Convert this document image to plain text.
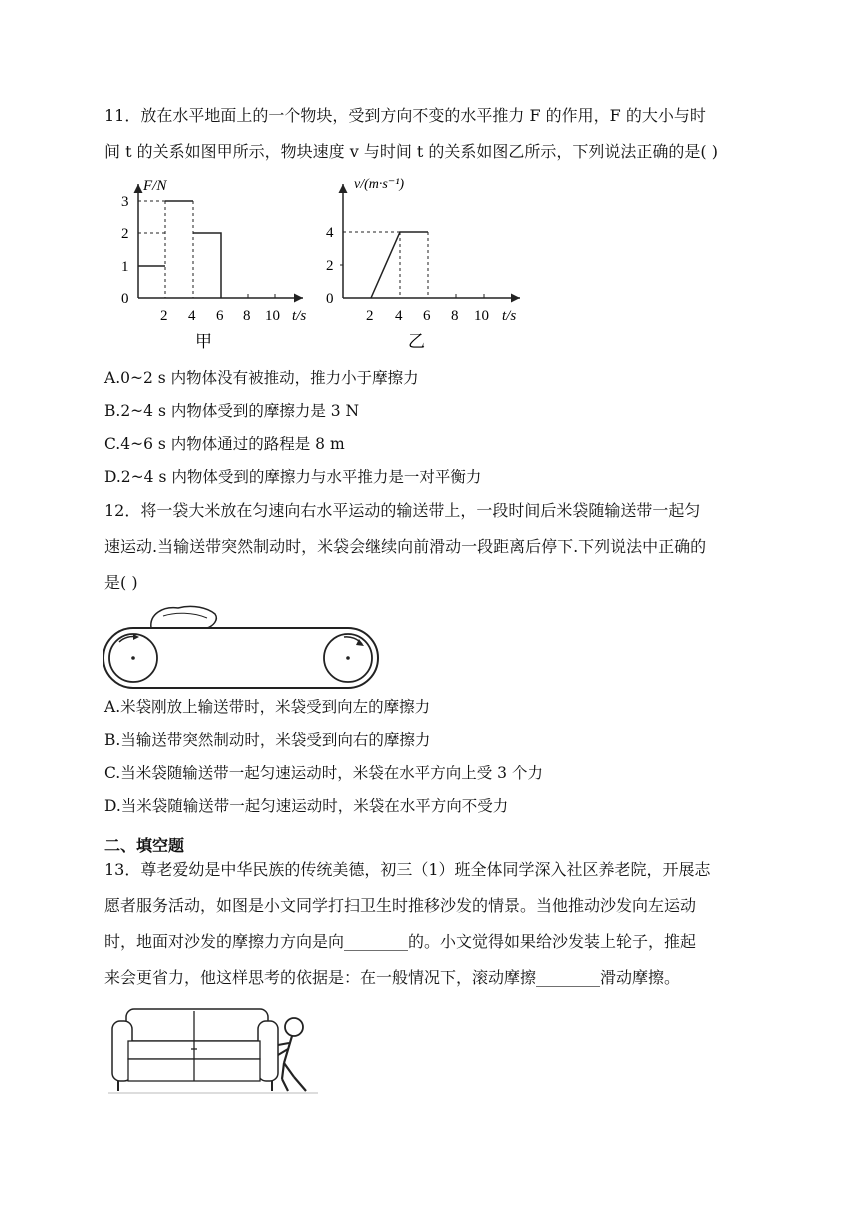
11．放在水平地面上的一个物块，受到方向不变的水平推力 F 的作用，F 的大小与时
间 t 的关系如图甲所示，物块速度 v 与时间 t 的关系如图乙所示，下列说法正确的是( )
F/N
3
2
1
0
2 4 6 8 10 t/s
甲
v/(m·s⁻¹)
4
2
0
2 4 6 8 10 t/s
乙
A.0~2 s 内物体没有被推动，推力小于摩擦力
B.2~4 s 内物体受到的摩擦力是 3 N
C.4~6 s 内物体通过的路程是 8 m
D.2~4 s 内物体受到的摩擦力与水平推力是一对平衡力
12．将一袋大米放在匀速向右水平运动的输送带上，一段时间后米袋随输送带一起匀
速运动.当输送带突然制动时，米袋会继续向前滑动一段距离后停下.下列说法中正确的
是( )
A.米袋刚放上输送带时，米袋受到向左的摩擦力
B.当输送带突然制动时，米袋受到向右的摩擦力
C.当米袋随输送带一起匀速运动时，米袋在水平方向上受 3 个力
D.当米袋随输送带一起匀速运动时，米袋在水平方向不受力
二、填空题
13．尊老爱幼是中华民族的传统美德，初三（1）班全体同学深入社区养老院，开展志
愿者服务活动，如图是小文同学打扫卫生时推移沙发的情景。当他推动沙发向左运动
时，地面对沙发的摩擦力方向是向________的。小文觉得如果给沙发装上轮子，推起
来会更省力，他这样思考的依据是：在一般情况下，滚动摩擦________滑动摩擦。
